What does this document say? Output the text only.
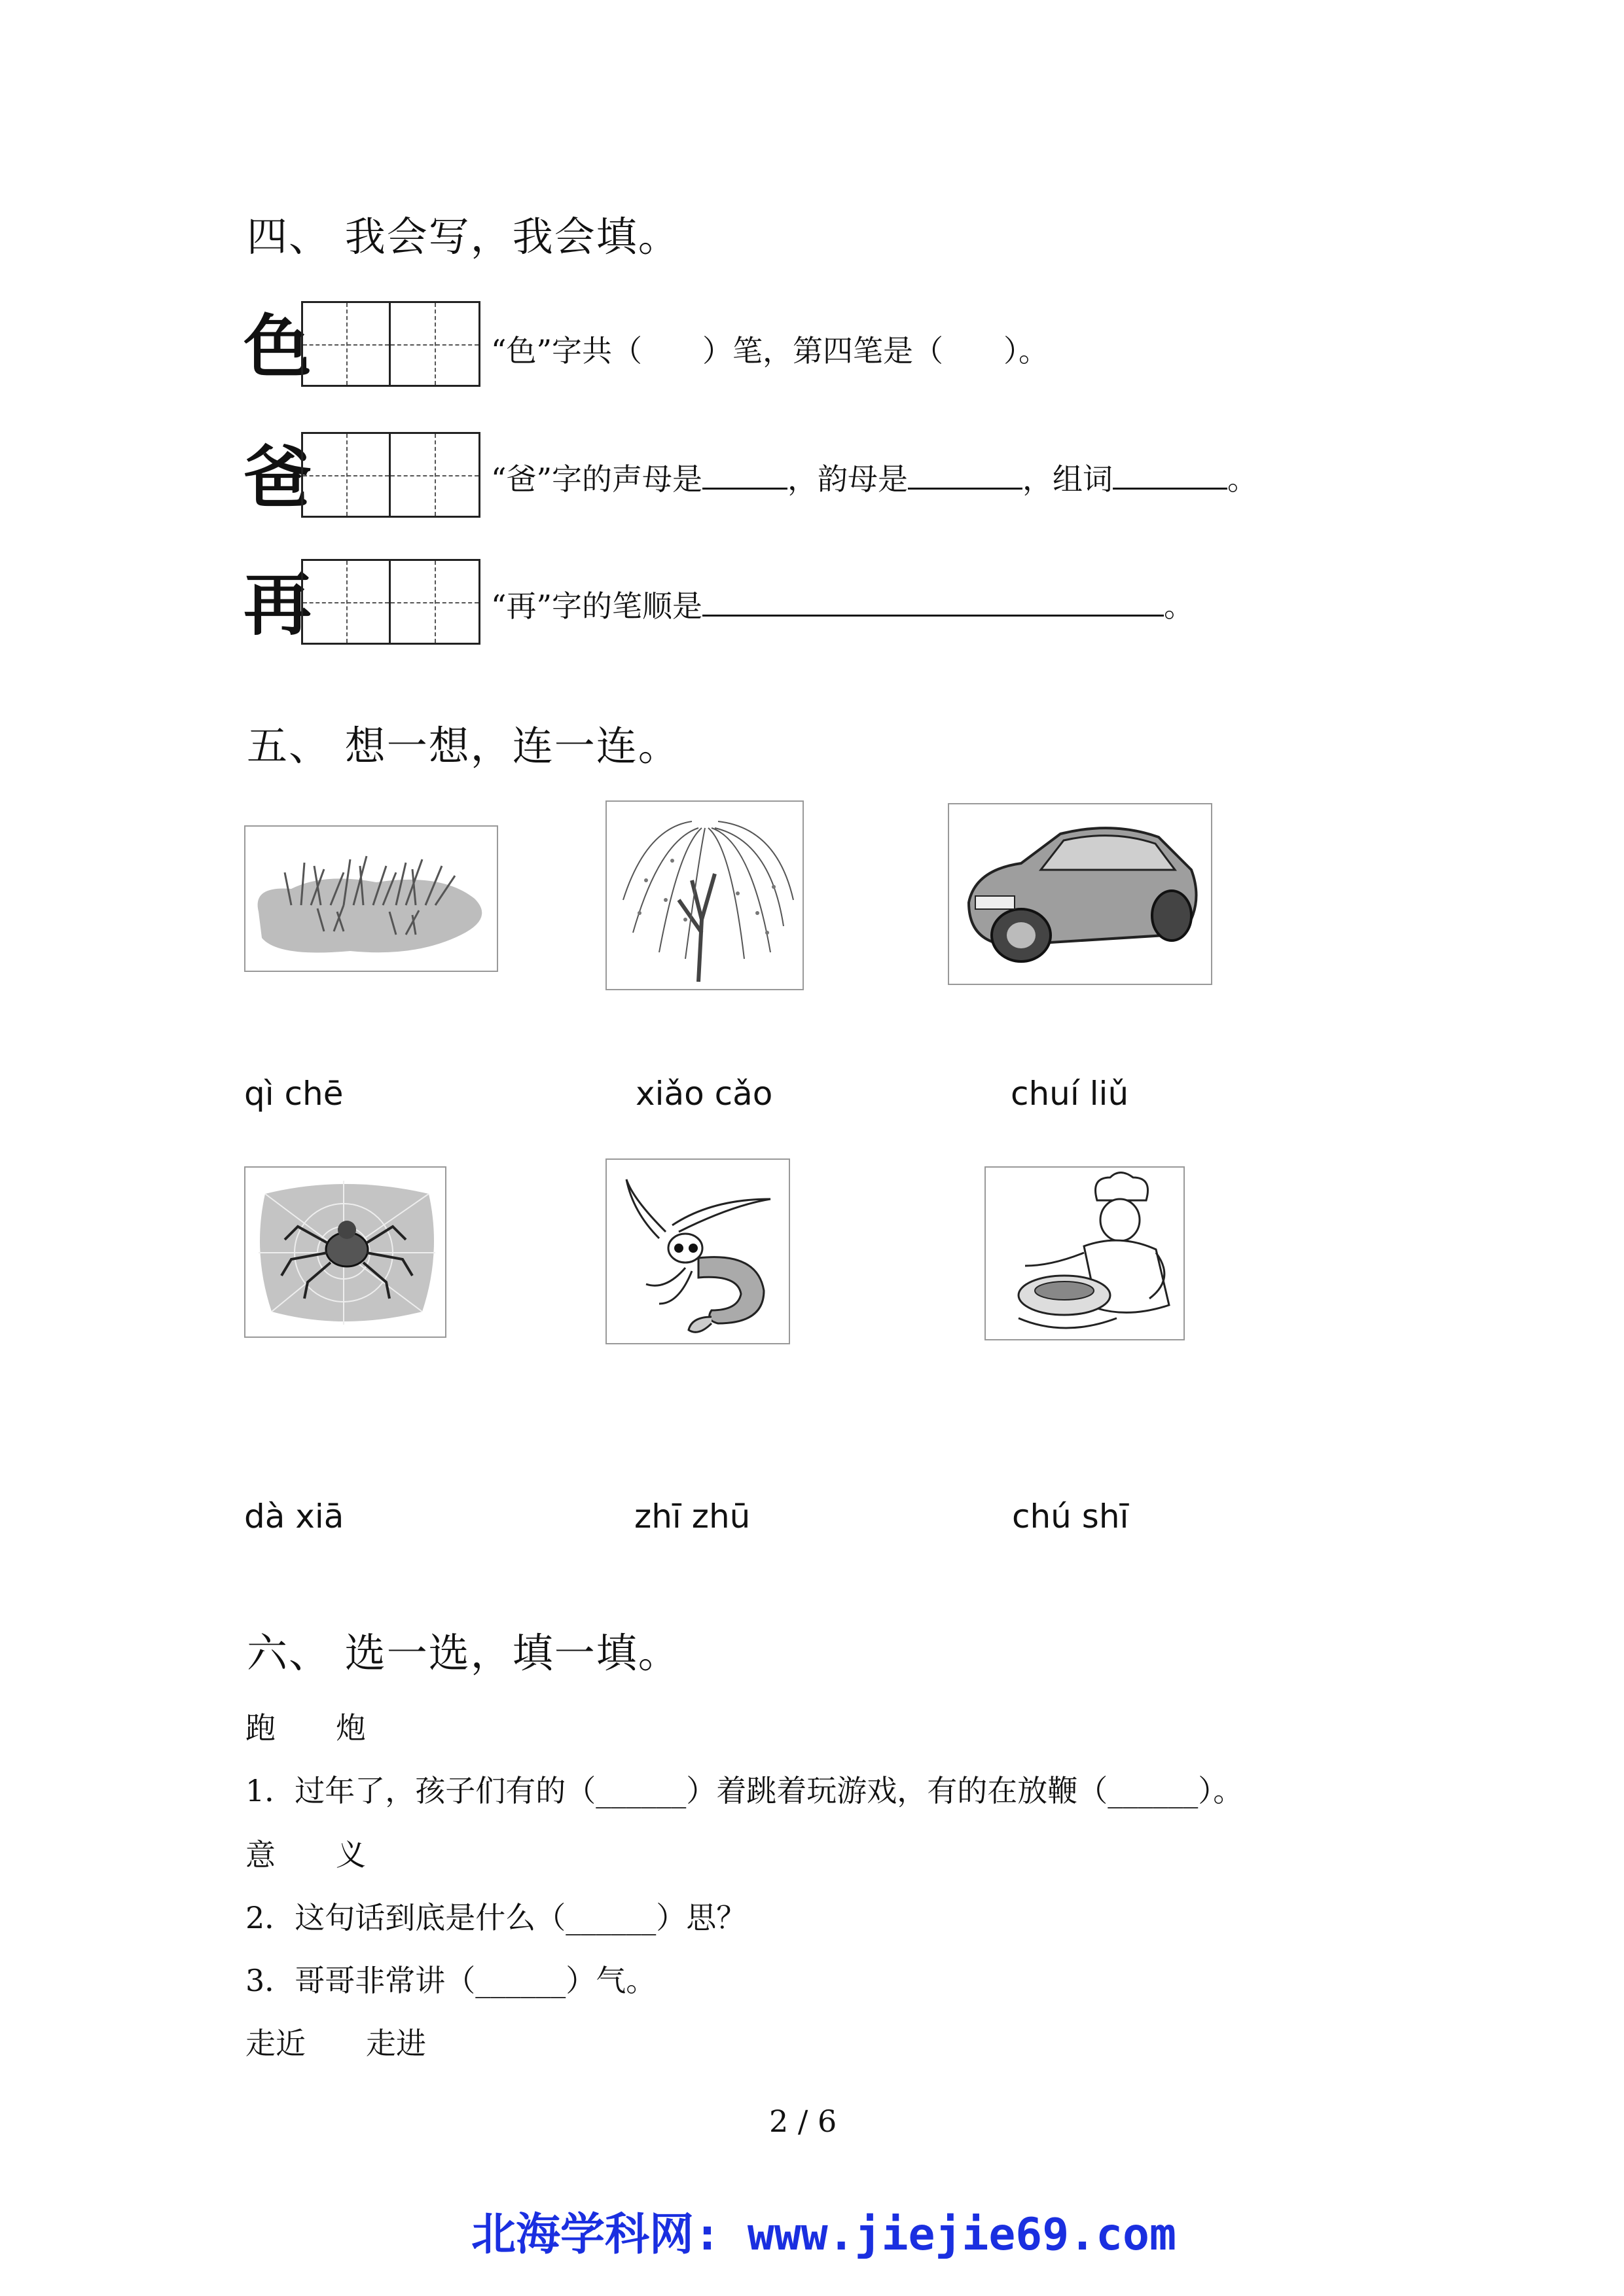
四、 我会写，我会填。
色	“色”字共（　　）笔，第四笔是（　　）。
爸	“爸”字的声母是	，韵母是	，组词	。
再	“再”字的笔顺是	。
五、 想一想，连一连。
qì chē	xiǎo cǎo	chuí liǔ
dà xiā	zhī zhū	chú shī
六、 选一选，填一填。
跑　　炮
1．过年了，孩子们有的（______）着跳着玩游戏，有的在放鞭（______）。
意　　义
2．这句话到底是什么（______）思？
3．哥哥非常讲（______）气。
走近　　走进
2 / 6
北海学科网: www.jiejie69.com
